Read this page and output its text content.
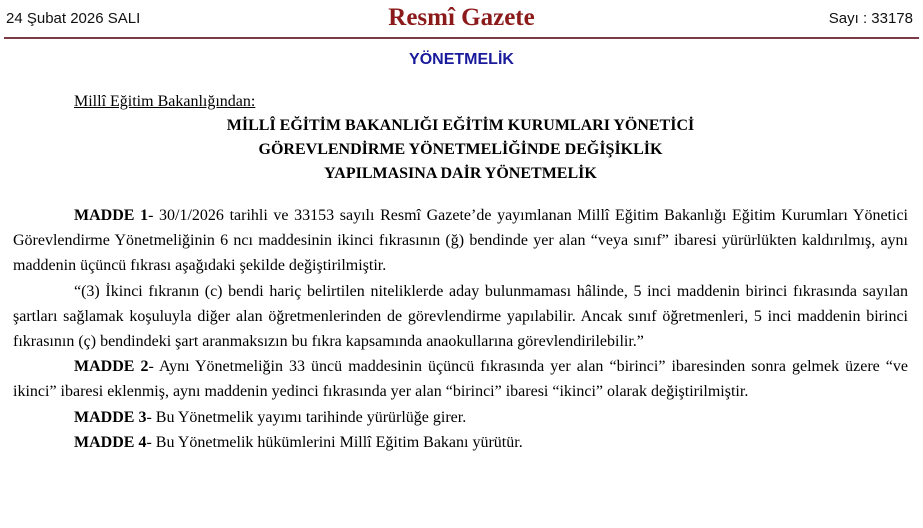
24 Şubat 2026 SALI	Resmî Gazete	Sayı : 33178
YÖNETMELİK

Millî Eğitim Bakanlığından:

MİLLÎ EĞİTİM BAKANLIĞI EĞİTİM KURUMLARI YÖNETİCİ
GÖREVLENDİRME YÖNETMELİĞİNDE DEĞİŞİKLİK
YAPILMASINA DAİR YÖNETMELİK

MADDE 1- 30/1/2026 tarihli ve 33153 sayılı Resmî Gazete’de yayımlanan Millî Eğitim Bakanlığı Eğitim Kurumları Yönetici Görevlendirme Yönetmeliğinin 6 ncı maddesinin ikinci fıkrasının (ğ) bendinde yer alan “veya sınıf” ibaresi yürürlükten kaldırılmış, aynı maddenin üçüncü fıkrası aşağıdaki şekilde değiştirilmiştir.

“(3) İkinci fıkranın (c) bendi hariç belirtilen niteliklerde aday bulunmaması hâlinde, 5 inci maddenin birinci fıkrasında sayılan şartları sağlamak koşuluyla diğer alan öğretmenlerinden de görevlendirme yapılabilir. Ancak sınıf öğretmenleri, 5 inci maddenin birinci fıkrasının (ç) bendindeki şart aranmaksızın bu fıkra kapsamında anaokullarına görevlendirilebilir.”

MADDE 2- Aynı Yönetmeliğin 33 üncü maddesinin üçüncü fıkrasında yer alan “birinci” ibaresinden sonra gelmek üzere “ve ikinci” ibaresi eklenmiş, aynı maddenin yedinci fıkrasında yer alan “birinci” ibaresi “ikinci” olarak değiştirilmiştir.

MADDE 3- Bu Yönetmelik yayımı tarihinde yürürlüğe girer.

MADDE 4- Bu Yönetmelik hükümlerini Millî Eğitim Bakanı yürütür.
